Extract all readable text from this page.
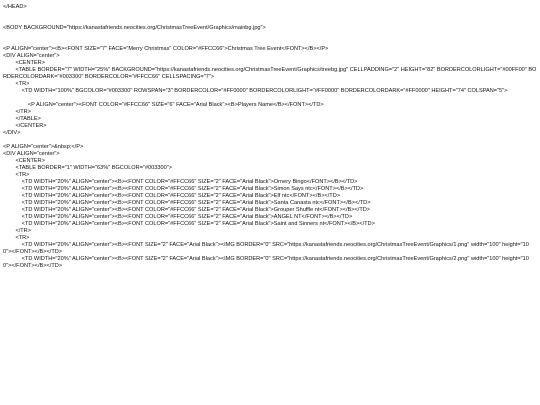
</HEAD>
<BODY BACKGROUND="https://kanastafriends.neocities.org/ChristmasTreeEvent/Graphics/mainbg.jpg">
<P ALIGN="center"><B><FONT SIZE="7" FACE="Merry Christmas" COLOR="#FFCC66">Christmas Tree Event</FONT></B></P>
<DIV ALIGN="center">
<CENTER>
<TABLE BORDER="7" WIDTH="25%" BACKGROUND="https://kanastafriends.neocities.org/ChristmasTreeEvent/Graphics/treebg.jpg" CELLPADDING="2" HEIGHT="82" BORDERCOLORLIGHT="#00FF00" BORDERCOLORDARK="#003300" BORDERCOLOR="#FFCC66" CELLSPACING="7">
<TR>
<TD WIDTH="100%" BGCOLOR="#003300" ROWSPAN="3" BORDERCOLOR="#FF0000" BORDERCOLORLIGHT="#FF0000" BORDERCOLORDARK="#FF0000" HEIGHT="74" COLSPAN="5">
<P ALIGN="center"><FONT COLOR="#FFCC66" SIZE="6" FACE="Arial Black"><B>Players Name</B></FONT></TD>
</TR>
</TABLE>
</CENTER>
</DIV>
<P ALIGN="center">&nbsp;</P>
<DIV ALIGN="center">
<CENTER>
<TABLE BORDER="1" WIDTH="63%" BGCOLOR="#003300">
<TR>
<TD WIDTH="20%" ALIGN="center"><B><FONT COLOR="#FFCC66" SIZE="2" FACE="Arial Black">Ornery Bingo</FONT></B></TD>
<TD WIDTH="20%" ALIGN="center"><B><FONT COLOR="#FFCC66" SIZE="2" FACE="Arial Black">Simon Says ntc</FONT></B></TD>
<TD WIDTH="20%" ALIGN="center"><B><FONT COLOR="#FFCC66" SIZE="2" FACE="Arial Black">Elf ntc</FONT></B></TD>
<TD WIDTH="20%" ALIGN="center"><B><FONT COLOR="#FFCC66" SIZE="2" FACE="Arial Black">Santa Canasta ntc</FONT></B></TD>
<TD WIDTH="20%" ALIGN="center"><B><FONT COLOR="#FFCC66" SIZE="2" FACE="Arial Black">Grouper Shuffle nt</FONT></B></TD>
<TD WIDTH="20%" ALIGN="center"><B><FONT COLOR="#FFCC66" SIZE="2" FACE="Arial Black">ANGEL NT</FONT></B></TD>
<TD WIDTH="20%" ALIGN="center"><B><FONT COLOR="#FFCC66" SIZE="2" FACE="Arial Black">Saint and Sinners nt</FONT></B></TD>
</TR>
<TR>
<TD WIDTH="20%" ALIGN="center"><B><FONT SIZE="2" FACE="Arial Black"><IMG BORDER="0" SRC="https://kanastafriends.neocities.org/ChristmasTreeEvent/Graphics/1.png" width="100" height="100"></FONT></B></TD>
<TD WIDTH="20%" ALIGN="center"><B><FONT SIZE="2" FACE="Arial Black"><IMG BORDER="0" SRC="https://kanastafriends.neocities.org/ChristmasTreeEvent/Graphics/2.png" width="100" height="100"></FONT></B></TD>
